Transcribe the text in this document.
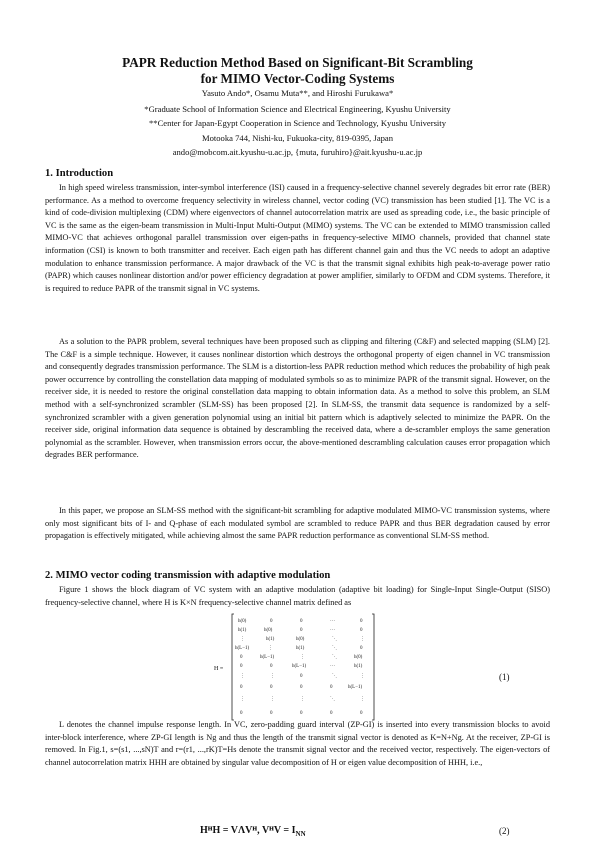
PAPR Reduction Method Based on Significant-Bit Scrambling
for MIMO Vector-Coding Systems
Yasuto Ando*, Osamu Muta**, and Hiroshi Furukawa*
*Graduate School of Information Science and Electrical Engineering, Kyushu University
**Center for Japan-Egypt Cooperation in Science and Technology, Kyushu University
Motooka 744, Nishi-ku, Fukuoka-city, 819-0395, Japan
ando@mobcom.ait.kyushu-u.ac.jp, {muta, furuhiro}@ait.kyushu-u.ac.jp
1. Introduction
In high speed wireless transmission, inter-symbol interference (ISI) caused in a frequency-selective channel severely degrades bit error rate (BER) performance. As a method to overcome frequency selectivity in wireless channel, vector coding (VC) transmission has been studied [1]. The VC is a kind of code-division multiplexing (CDM) where eigenvectors of channel autocorrelation matrix are used as spreading code, i.e., the basic principle of VC is the same as the eigen-beam transmission in Multi-Input Multi-Output (MIMO) systems. The VC can be extended to MIMO transmission called MIMO-VC that achieves orthogonal parallel transmission over eigen-paths in frequency-selective MIMO channels, provided that channel state information (CSI) is known to both transmitter and receiver. Each eigen path has different channel gain and thus the VC needs to adopt an adaptive modulation to enhance transmission performance. A major drawback of the VC is that the transmit signal exhibits high peak-to-average power ratio (PAPR) which causes nonlinear distortion and/or power efficiency degradation at power amplifier, similarly to OFDM and CDM systems. Therefore, it is required to reduce PAPR of the transmit signal in VC systems.
As a solution to the PAPR problem, several techniques have been proposed such as clipping and filtering (C&F) and selected mapping (SLM) [2]. The C&F is a simple technique. However, it causes nonlinear distortion which destroys the orthogonal property of eigen channel in VC transmission and consequently degrades transmission performance. The SLM is a distortion-less PAPR reduction method which reduces the probability of high peak power occurrence by controlling the constellation data mapping of modulated symbols so as to minimize PAPR of the transmit signal. However, on the receiver side, it is needed to restore the original constellation data mapping to obtain information data. As a method to solve this problem, an SLM method with a self-synchronized scrambler (SLM-SS) has been proposed [2]. In SLM-SS, the transmit data sequence is randomized by a self-synchronized scrambler with a given generation polynomial using an initial bit pattern which is adaptively selected to minimize the PAPR. On the receiver side, original information data sequence is obtained by descrambling the received data, where a de-scrambler employs the same generation polynomial as the scrambler. However, when transmission errors occur, the above-mentioned descrambling calculation causes error propagation which degrades BER performance.
In this paper, we propose an SLM-SS method with the significant-bit scrambling for adaptive modulated MIMO-VC transmission systems, where only most significant bits of I- and Q-phase of each modulated symbol are scrambled to reduce PAPR and thus BER degradation caused by error propagation is effectively mitigated, while achieving almost the same PAPR reduction performance as conventional SLM-SS method.
2. MIMO vector coding transmission with adaptive modulation
Figure 1 shows the block diagram of VC system with an adaptive modulation (adaptive bit loading) for Single-Input Single-Output (SISO) frequency-selective channel, where H is K×N frequency-selective channel matrix defined as
H =
h(0)	0	0	···	0
h(1)	h(0)	0	···	0
⋮	h(1)	h(0)	⋱	⋮
h(L−1)	⋮	h(1)	⋱	0
0	h(L−1)	⋮	⋱	h(0)
0	0	h(L−1)	···	h(1)
⋮	⋮	0	⋱	⋮
0	0	0	0	h(L−1)
⋮	⋮	⋮	⋱	⋮
0	0	0	0	0
(1)
L denotes the channel impulse response length. In VC, zero-padding guard interval (ZP-GI) is inserted into every transmission blocks to avoid inter-block interference, where ZP-GI length is Ng and thus the length of the transmit signal vector is denoted as K=N+Ng. At the receiver, ZP-GI is removed. In Fig.1, s=(s1, ...,sN)T and r=(r1, ...,rK)T=Hs denote the transmit signal vector and the received vector, respectively. The eigen-vectors of channel autocorrelation matrix HHH are obtained by singular value decomposition of H or eigen value decomposition of HHH, i.e.,
HᴴH = VΛVᴴ, VᴴV = $I_{NN}$	(2)
